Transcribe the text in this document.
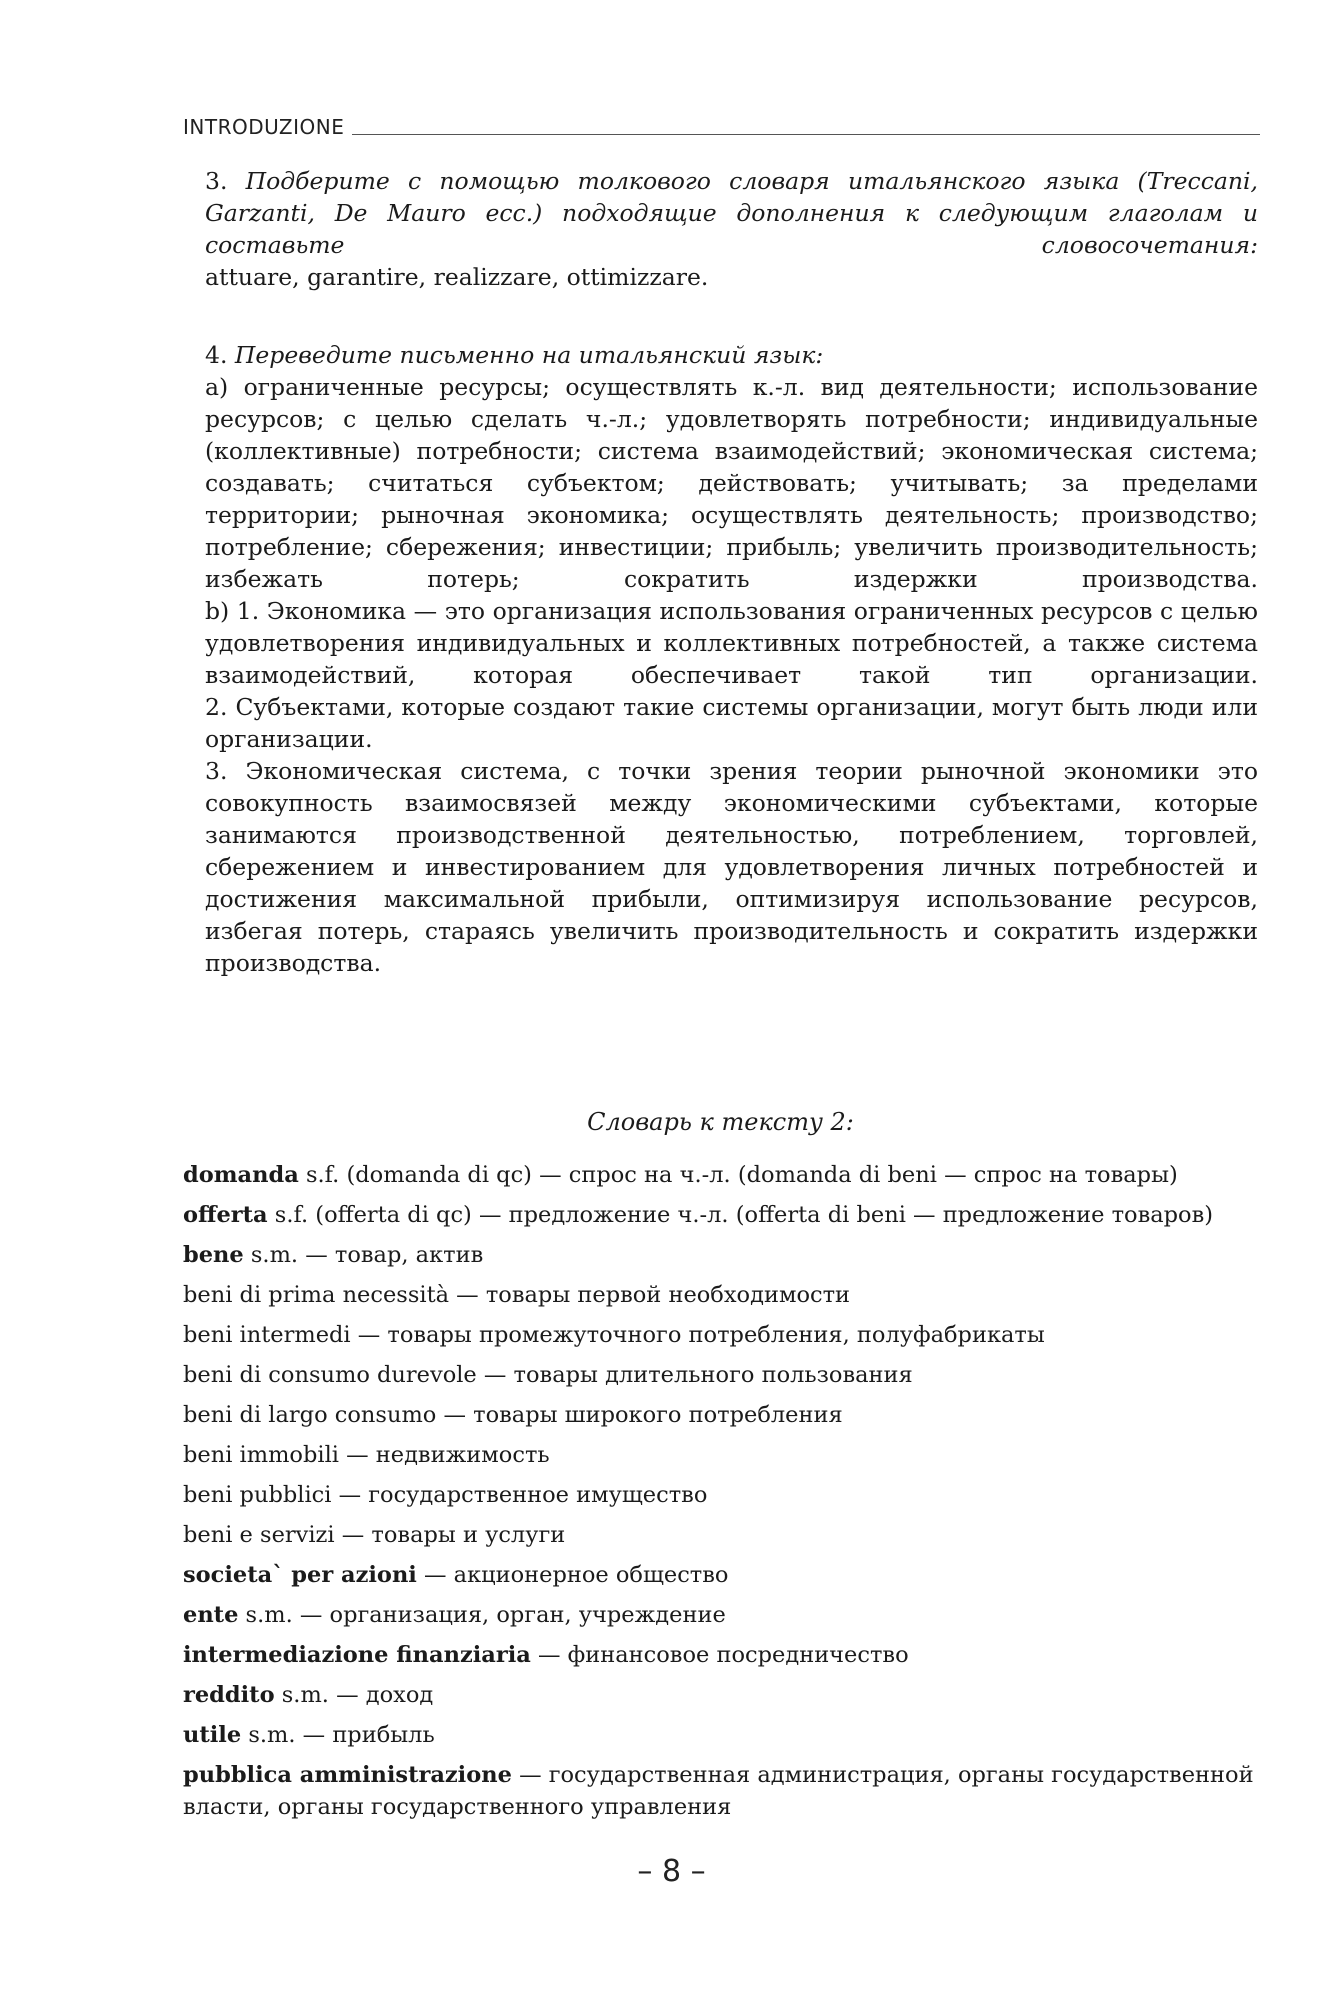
INTRODUZIONE

3. Подберите с помощью толкового словаря итальянского языка (Treccani, Garzanti, De Mauro ecc.) подходящие дополнения к следующим глаголам и составьте словосочетания:

attuare, garantire, realizzare, ottimizzare.

4. Переведите письменно на итальянский язык:

a) ограниченные ресурсы; осуществлять к.-л. вид деятельности; использование ресурсов; с целью сделать ч.-л.; удовлетворять потребности; индивидуальные (коллективные) потребности; система взаимодействий; экономическая система; создавать; считаться субъектом; действовать; учитывать; за пределами территории; рыночная экономика; осуществлять деятельность; производство; потребление; сбережения; инвестиции; прибыль; увеличить производительность; избежать потерь; сократить издержки производства.

b) 1. Экономика — это организация использования ограниченных ресурсов с целью удовлетворения индивидуальных и коллективных потребностей, а также система взаимодействий, которая обеспечивает такой тип организации.

2. Субъектами, которые создают такие системы организации, могут быть люди или организации.

3. Экономическая система, с точки зрения теории рыночной экономики это совокупность взаимосвязей между экономическими субъектами, которые занимаются производственной деятельностью, потреблением, торговлей, сбережением и инвестированием для удовлетворения личных потребностей и достижения максимальной прибыли, оптимизируя использование ресурсов, избегая потерь, стараясь увеличить производительность и сократить издержки производства.

Словарь к тексту 2:
domanda s.f. (domanda di qc) — спрос на ч.-л. (domanda di beni — спрос на товары)
offerta s.f. (offerta di qc) — предложение ч.-л. (offerta di beni — предложение товаров)
bene s.m. — товар, актив
beni di prima necessità — товары первой необходимости
beni intermedi — товары промежуточного потребления, полуфабрикаты
beni di consumo durevole — товары длительного пользования
beni di largo consumo — товары широкого потребления
beni immobili — недвижимость
beni pubblici — государственное имущество
beni e servizi — товары и услуги
societa` per azioni — акционерное общество
ente s.m. — организация, орган, учреждение
intermediazione finanziaria — финансовое посредничество
reddito s.m. — доход
utile s.m. — прибыль
pubblica amministrazione — государственная администрация, органы государственной власти, органы государственного управления
– 8 –
